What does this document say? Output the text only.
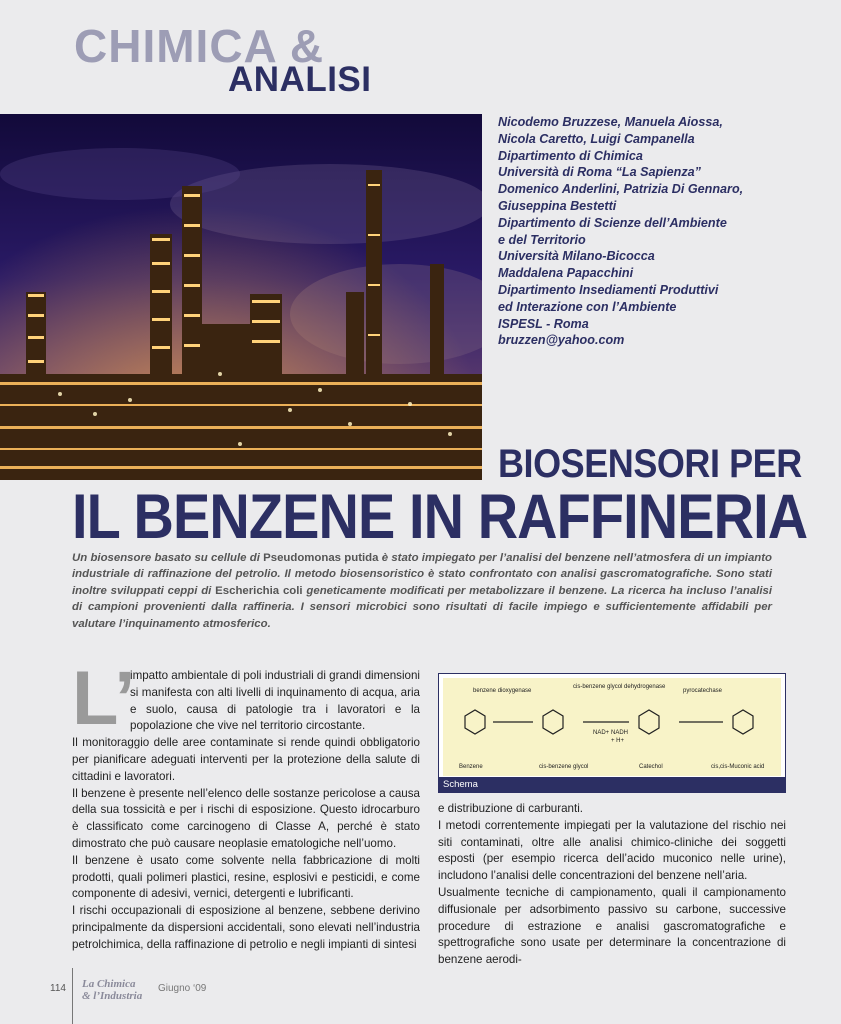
CHIMICA &
ANALISI
Nicodemo Bruzzese, Manuela Aiossa,
Nicola Caretto, Luigi Campanella
Dipartimento di Chimica
Università di Roma “La Sapienza”
Domenico Anderlini, Patrizia Di Gennaro,
Giuseppina Bestetti
Dipartimento di Scienze dell’Ambiente
e del Territorio
Università Milano-Bicocca
Maddalena Papacchini
Dipartimento Insediamenti Produttivi
ed Interazione con l’Ambiente
ISPESL - Roma
bruzzen@yahoo.com
BIOSENSORI PER
IL BENZENE IN RAFFINERIA
Un biosensore basato su cellule di Pseudomonas putida è stato impiegato per l’analisi del benzene nell’atmosfera di un impianto industriale di raffinazione del petrolio. Il metodo biosensoristico è stato confrontato con analisi gascromatografiche. Sono stati inoltre sviluppati ceppi di Escherichia coli geneticamente modificati per metabolizzare il benzene. La ricerca ha incluso l’analisi di campioni provenienti dalla raffineria. I sensori microbici sono risultati di facile impiego e sufficientemente affidabili per valutare l’inquinamento atmosferico.
L’

impatto ambientale di poli industriali di grandi dimensioni si manifesta con alti livelli di inquinamento di acqua, aria e suolo, causa di patologie tra i lavoratori e la popolazione che vive nel territorio circostante.

Il monitoraggio delle aree contaminate si rende quindi obbligatorio per pianificare adeguati interventi per la protezione della salute di cittadini e lavoratori.

Il benzene è presente nell’elenco delle sostanze pericolose a causa della sua tossicità e per i rischi di esposizione. Questo idrocarburo è classificato come carcinogeno di Classe A, perché è stato dimostrato che può causare neoplasie ematologiche nell’uomo.

Il benzene è usato come solvente nella fabbricazione di molti prodotti, quali polimeri plastici, resine, esplosivi e pesticidi, e come componente di adesivi, vernici, detergenti e lubrificanti.

I rischi occupazionali di esposizione al benzene, sebbene derivino principalmente da dispersioni accidentali, sono elevati nell’industria petrolchimica, della raffinazione di petrolio e negli impianti di sintesi

benzene dioxygenase
cis-benzene glycol dehydrogenase
pyrocatechase
NAD+ NADH
+ H+
Benzene	cis-benzene glycol	Catechol	cis,cis-Muconic acid
Schema

e distribuzione di carburanti.

I metodi correntemente impiegati per la valutazione del rischio nei siti contaminati, oltre alle analisi chimico-cliniche dei soggetti esposti (per esempio ricerca dell’acido muconico nelle urine), includono l’analisi delle concentrazioni del benzene nell’aria.

Usualmente tecniche di campionamento, quali il campionamento diffusionale per adsorbimento passivo su carbone, successive procedure di estrazione e analisi gascromatografiche e spettrografiche sono usate per determinare la concentrazione di benzene aerodi-

114 La Chimica
& l’Industria
Giugno ‘09
